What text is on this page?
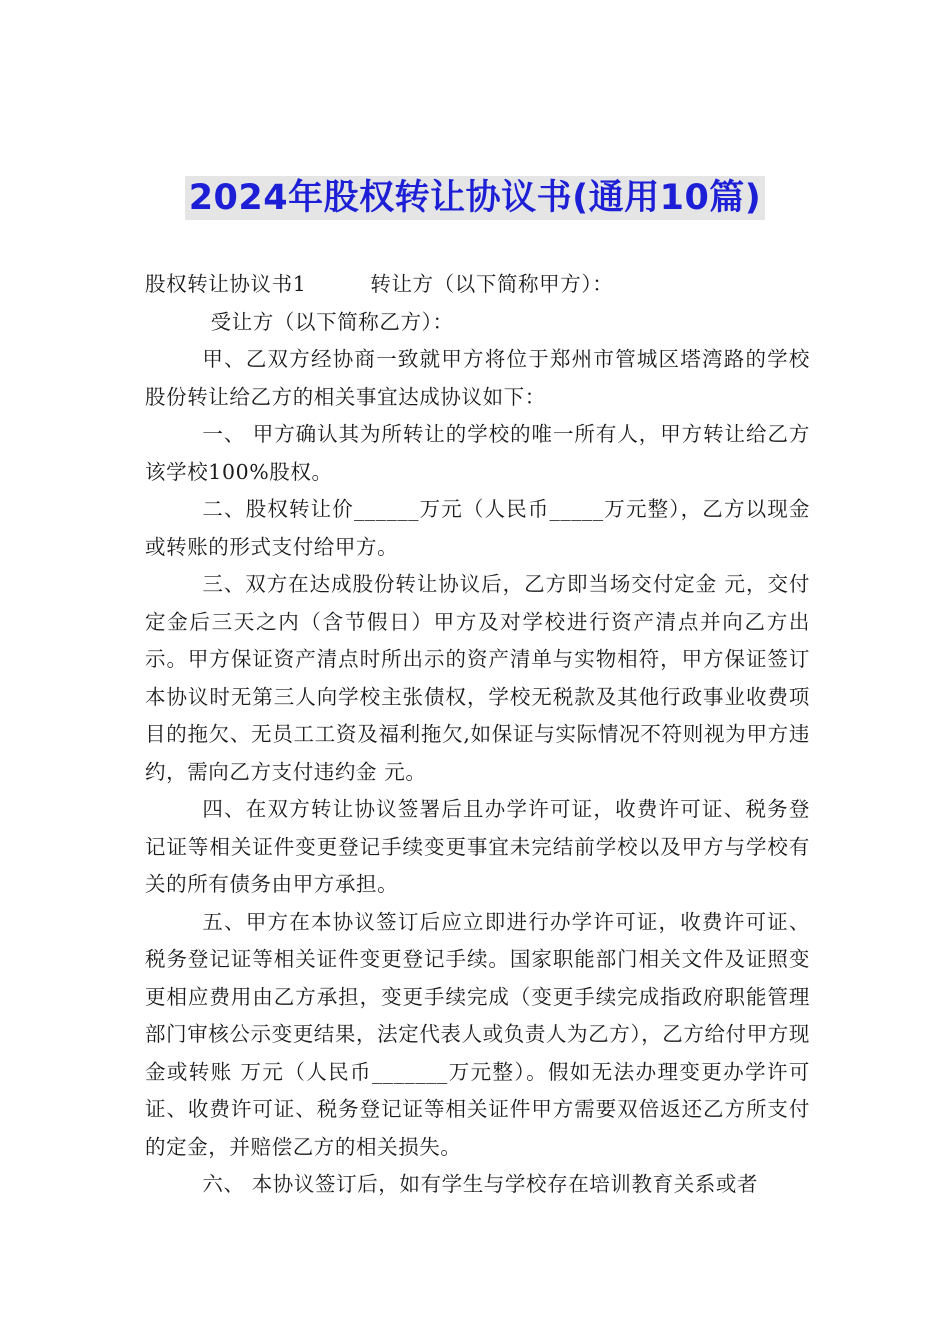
2024年股权转让协议书(通用10篇)

股权转让协议书1	转让方（以下简称甲方）：

受让方（以下简称乙方）：

甲、乙双方经协商一致就甲方将位于郑州市管城区塔湾路的学校股份转让给乙方的相关事宜达成协议如下：

一、 甲方确认其为所转让的学校的唯一所有人，甲方转让给乙方该学校100%股权。

二、股权转让价______万元（人民币_____万元整），乙方以现金或转账的形式支付给甲方。

三、双方在达成股份转让协议后，乙方即当场交付定金 元，交付定金后三天之内（含节假日）甲方及对学校进行资产清点并向乙方出示。甲方保证资产清点时所出示的资产清单与实物相符，甲方保证签订本协议时无第三人向学校主张债权，学校无税款及其他行政事业收费项目的拖欠、无员工工资及福利拖欠,如保证与实际情况不符则视为甲方违约，需向乙方支付违约金 元。

四、在双方转让协议签署后且办学许可证，收费许可证、税务登记证等相关证件变更登记手续变更事宜未完结前学校以及甲方与学校有关的所有债务由甲方承担。

五、甲方在本协议签订后应立即进行办学许可证，收费许可证、税务登记证等相关证件变更登记手续。国家职能部门相关文件及证照变更相应费用由乙方承担，变更手续完成（变更手续完成指政府职能管理部门审核公示变更结果，法定代表人或负责人为乙方），乙方给付甲方现金或转账 万元（人民币_______万元整）。假如无法办理变更办学许可证、收费许可证、税务登记证等相关证件甲方需要双倍返还乙方所支付的定金，并赔偿乙方的相关损失。

六、 本协议签订后，如有学生与学校存在培训教育关系或者
